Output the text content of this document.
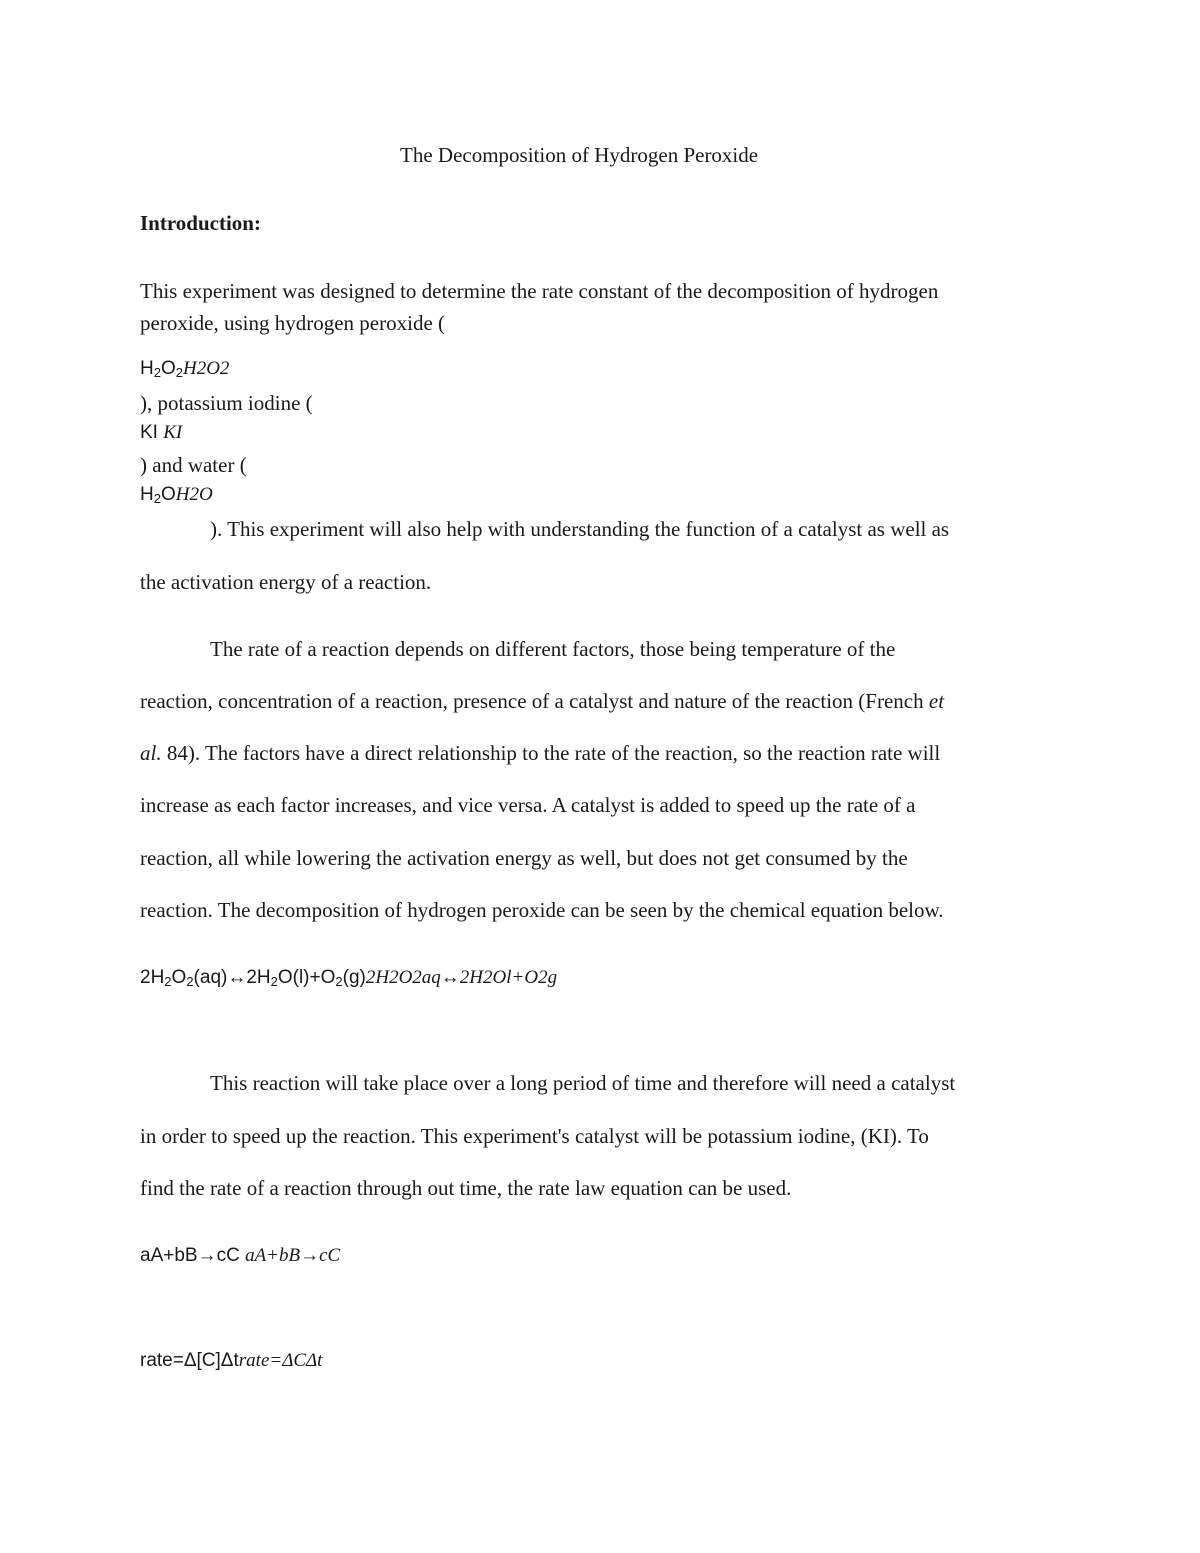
The Decomposition of Hydrogen Peroxide
Introduction:
This experiment was designed to determine the rate constant of the decomposition of hydrogen
peroxide, using hydrogen peroxide (
$H_2O_2H2O2$
), potassium iodine (
KI KI
) and water (
$H_2OH2O$
). This experiment will also help with understanding the function of a catalyst as well as
the activation energy of a reaction.
The rate of a reaction depends on different factors, those being temperature of the
reaction, concentration of a reaction, presence of a catalyst and nature of the reaction (French et
al. 84). The factors have a direct relationship to the rate of the reaction, so the reaction rate will
increase as each factor increases, and vice versa. A catalyst is added to speed up the rate of a
reaction, all while lowering the activation energy as well, but does not get consumed by the
reaction. The decomposition of hydrogen peroxide can be seen by the chemical equation below.
$2H_2O_2(aq)\leftrightarrow 2H_2O(l)+O_2(g)2H2O2aq\leftrightarrow 2H2Ol+O2g$
This reaction will take place over a long period of time and therefore will need a catalyst
in order to speed up the reaction. This experiment's catalyst will be potassium iodine, (KI). To
find the rate of a reaction through out time, the rate law equation can be used.
aA+bB→cC aA+bB→cC
rate=Δ[C]Δtrate=ΔCΔt
